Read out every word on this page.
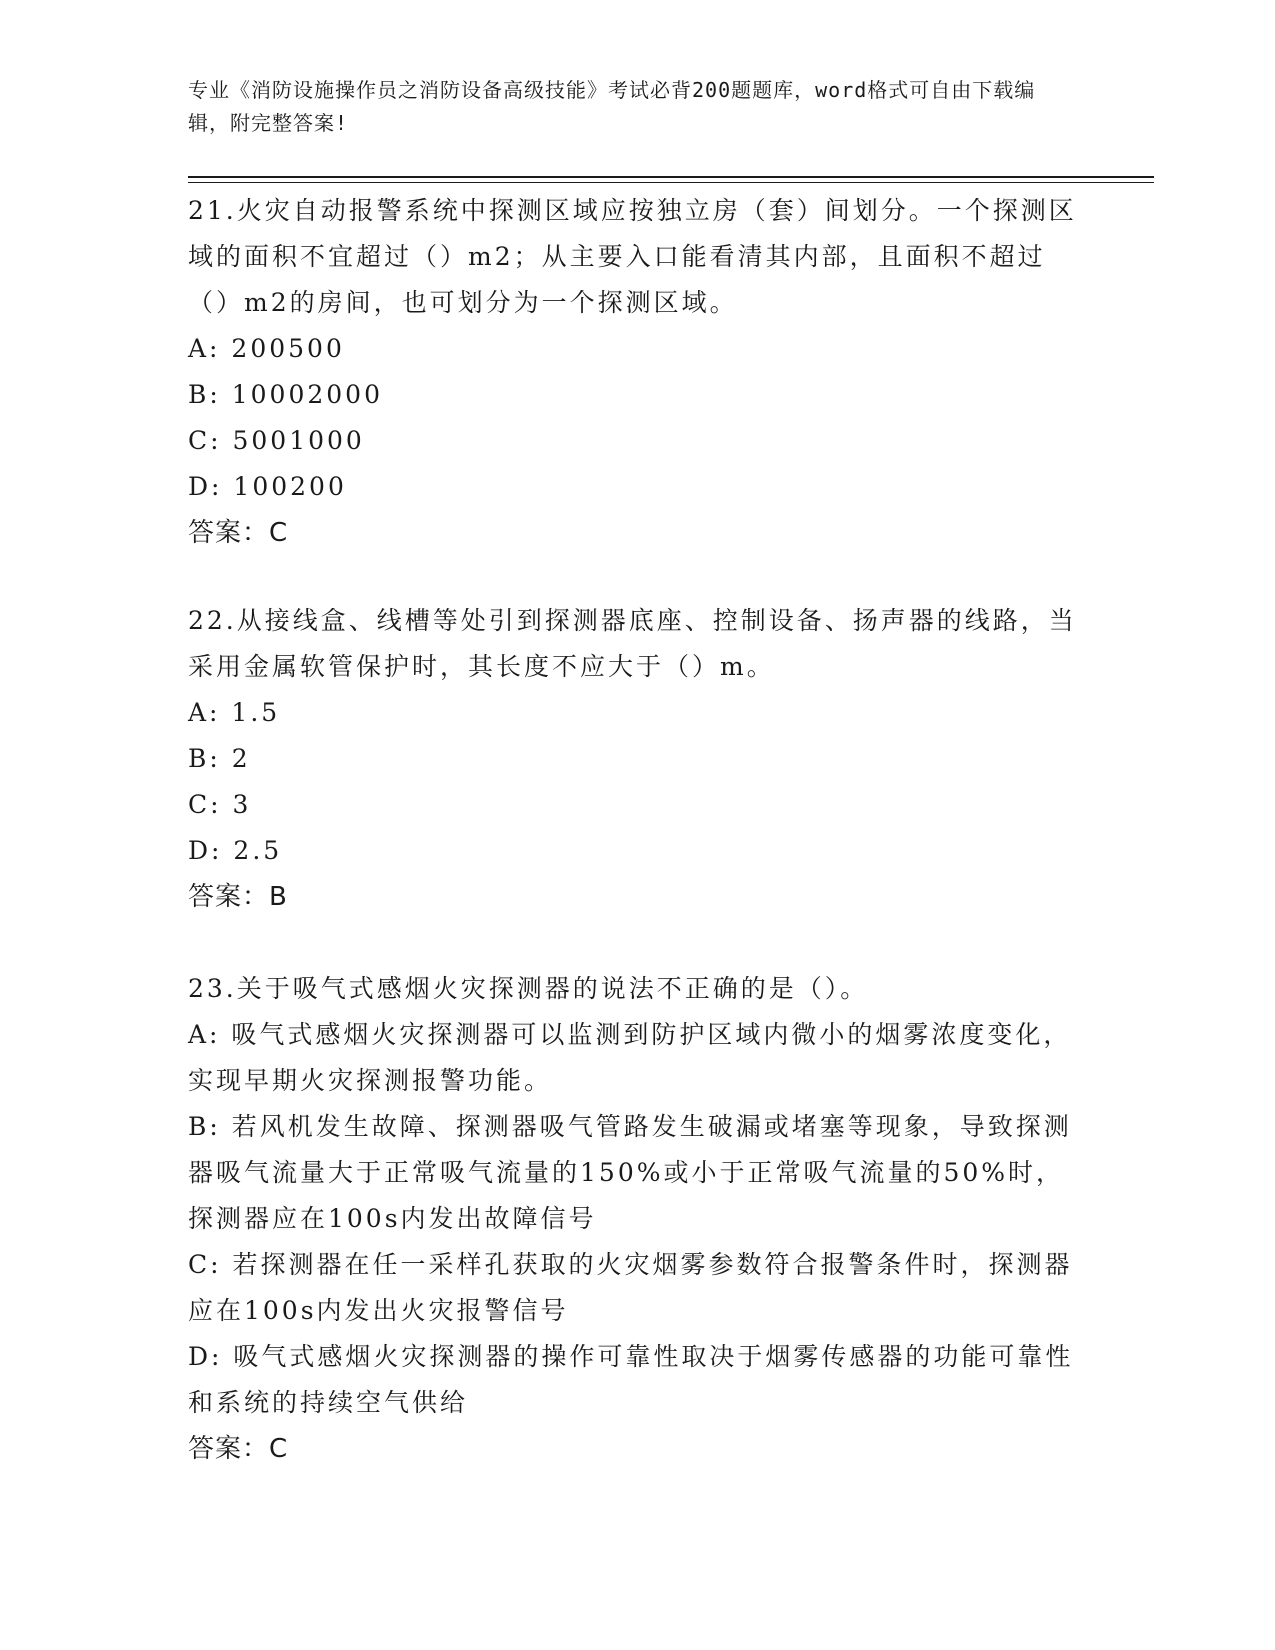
专业《消防设施操作员之消防设备高级技能》考试必背200题题库，word格式可自由下载编辑，附完整答案!

21.火灾自动报警系统中探测区域应按独立房（套）间划分。一个探测区域的面积不宜超过（）m2；从主要入口能看清其内部，且面积不超过（）m2的房间，也可划分为一个探测区域。

A: 200500

B: 10002000

C: 5001000

D: 100200

答案：C

22.从接线盒、线槽等处引到探测器底座、控制设备、扬声器的线路，当采用金属软管保护时，其长度不应大于（）m。

A: 1.5

B: 2

C: 3

D: 2.5

答案：B

23.关于吸气式感烟火灾探测器的说法不正确的是（）。

A: 吸气式感烟火灾探测器可以监测到防护区域内微小的烟雾浓度变化，实现早期火灾探测报警功能。

B: 若风机发生故障、探测器吸气管路发生破漏或堵塞等现象，导致探测器吸气流量大于正常吸气流量的150%或小于正常吸气流量的50%时，探测器应在100s内发出故障信号

C: 若探测器在任一采样孔获取的火灾烟雾参数符合报警条件时，探测器应在100s内发出火灾报警信号

D: 吸气式感烟火灾探测器的操作可靠性取决于烟雾传感器的功能可靠性和系统的持续空气供给

答案：C
